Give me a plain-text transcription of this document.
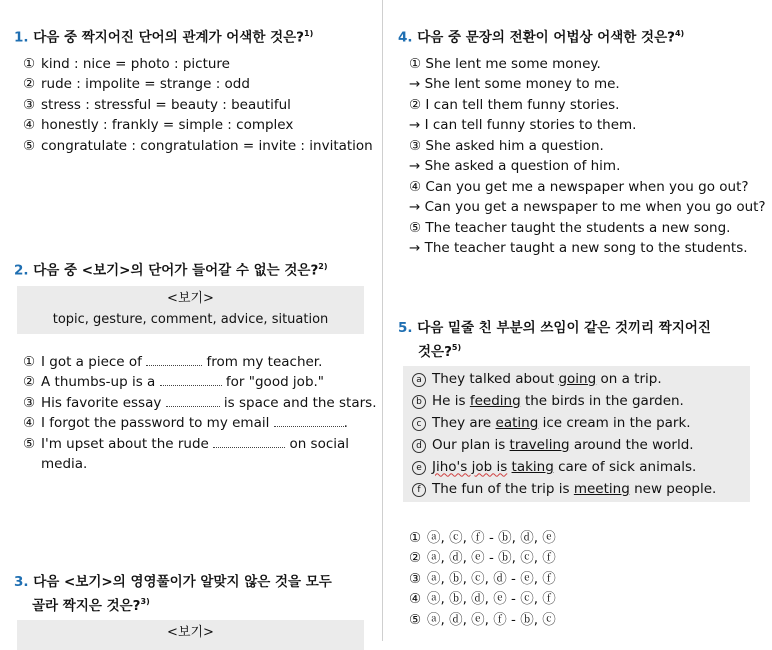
1. 다음 중 짝지어진 단어의 관계가 어색한 것은?$^{1)}$

① kind : nice = photo : picture
② rude : impolite = strange : odd
③ stress : stressful = beauty : beautiful
④ honestly : frankly = simple : complex
⑤ congratulate : congratulation = invite : invitation

2. 다음 중 <보기>의 단어가 들어갈 수 없는 것은?$^{2)}$

<보기>
topic, gesture, comment, advice, situation
① I got a piece of	from my teacher.
② A thumbs-up is a	for "good job."
③ His favorite essay	is space and the stars.
④ I forgot the password to my email	.
⑤ I'm upset about the rude	on social
media.

3. 다음 <보기>의 영영풀이가 알맞지 않은 것을 모두
골라 짝지은 것은?$^{3)}$

<보기>

4. 다음 중 문장의 전환이 어법상 어색한 것은?$^{4)}$

① She lent me some money.
→ She lent some money to me.
② I can tell them funny stories.
→ I can tell funny stories to them.
③ She asked him a question.
→ She asked a question of him.
④ Can you get me a newspaper when you go out?
→ Can you get a newspaper to me when you go out?
⑤ The teacher taught the students a new song.
→ The teacher taught a new song to the students.

5. 다음 밑줄 친 부분의 쓰임이 같은 것끼리 짝지어진
것은?$^{5)}$

a They talked about going on a trip.
b He is feeding the birds in the garden.
c They are eating ice cream in the park.
d Our plan is traveling around the world.
e Jiho's job is taking care of sick animals.
f The fun of the trip is meeting new people.
① ⓐ, ⓒ, ⓕ - ⓑ, ⓓ, ⓔ
② ⓐ, ⓓ, ⓔ - ⓑ, ⓒ, ⓕ
③ ⓐ, ⓑ, ⓒ, ⓓ - ⓔ, ⓕ
④ ⓐ, ⓑ, ⓓ, ⓔ - ⓒ, ⓕ
⑤ ⓐ, ⓓ, ⓔ, ⓕ - ⓑ, ⓒ
